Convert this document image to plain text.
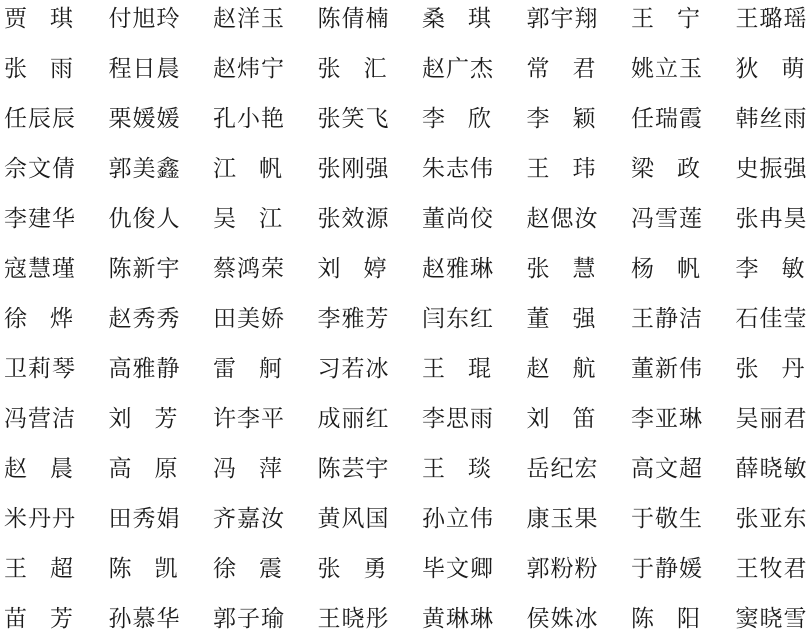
贾　琪	付旭玲	赵洋玉	陈倩楠	桑　琪	郭宇翔	王　宁	王璐瑶
张　雨	程日晨	赵炜宁	张　汇	赵广杰	常　君	姚立玉	狄　萌
任辰辰	栗媛媛	孔小艳	张笑飞	李　欣	李　颖	任瑞霞	韩丝雨
佘文倩	郭美鑫	江　帆	张刚强	朱志伟	王　玮	梁　政	史振强
李建华	仇俊人	吴　江	张效源	董尚佼	赵偲汝	冯雪莲	张冉昊
寇慧瑾	陈新宇	蔡鸿荣	刘　婷	赵雅琳	张　慧	杨　帆	李　敏
徐　烨	赵秀秀	田美娇	李雅芳	闫东红	董　强	王静洁	石佳莹
卫莉琴	高雅静	雷　舸	习若冰	王　琨	赵　航	董新伟	张　丹
冯营洁	刘　芳	许李平	成丽红	李思雨	刘　笛	李亚琳	吴丽君
赵　晨	高　原	冯　萍	陈芸宇	王　琰	岳纪宏	高文超	薛晓敏
米丹丹	田秀娟	齐嘉汝	黄风国	孙立伟	康玉果	于敬生	张亚东
王　超	陈　凯	徐　震	张　勇	毕文卿	郭粉粉	于静媛	王牧君
苗　芳	孙慕华	郭子瑜	王晓彤	黄琳琳	侯姝冰	陈　阳	窦晓雪
